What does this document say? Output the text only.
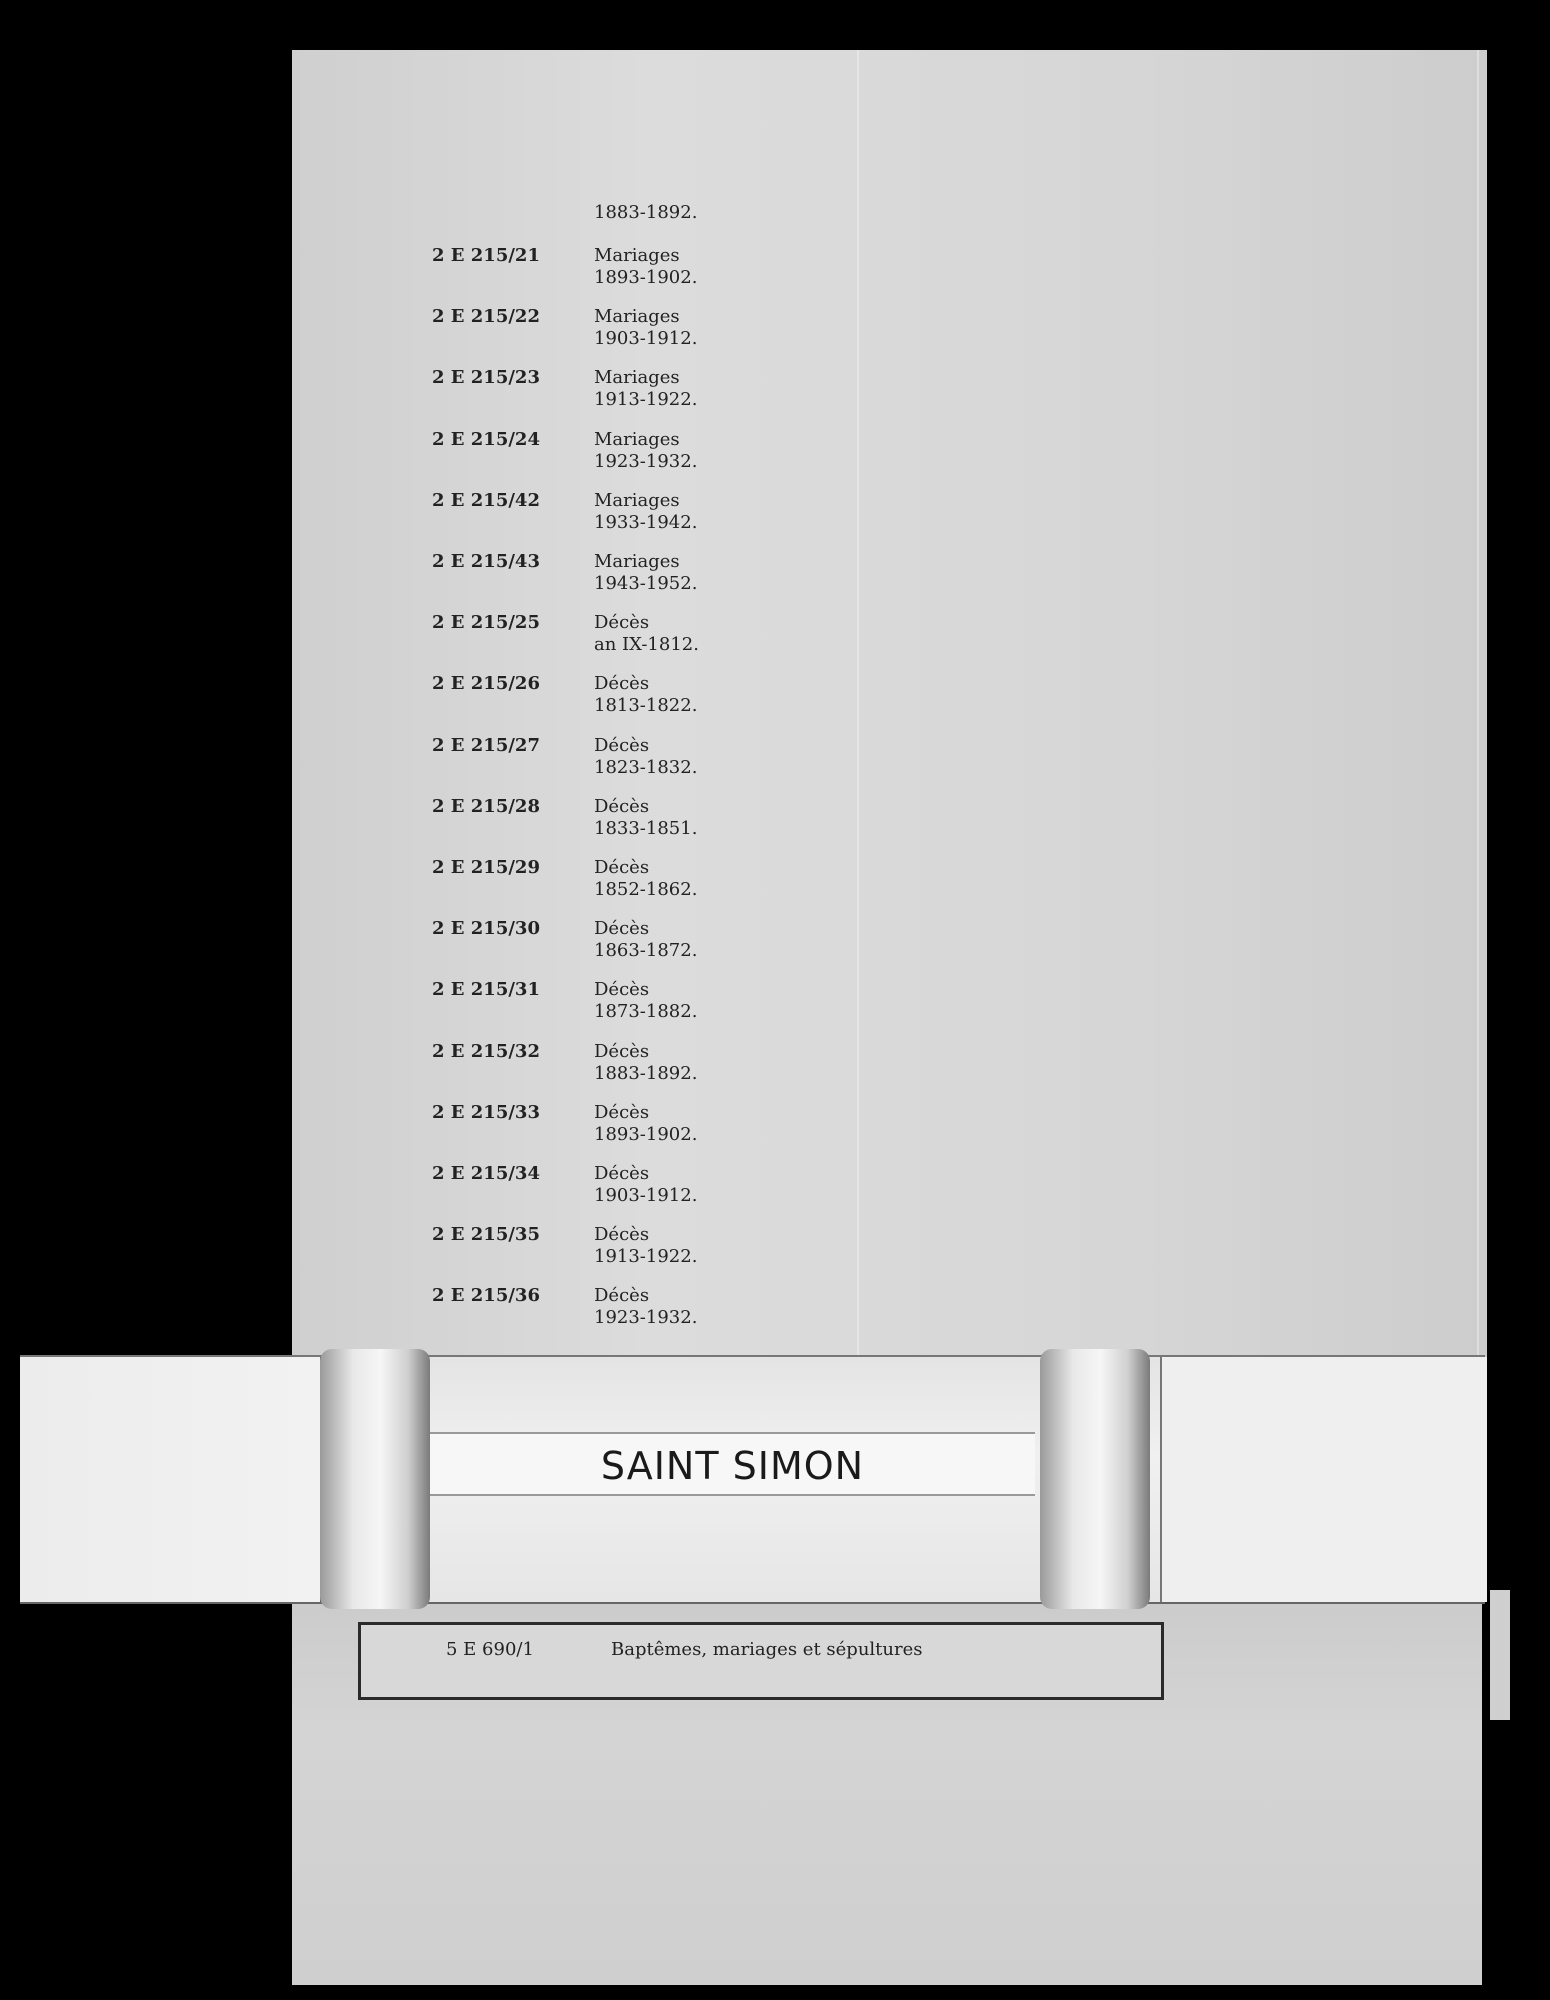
1883-1892.
2 E 215/21	Mariages
1893-1902.
2 E 215/22	Mariages
1903-1912.
2 E 215/23	Mariages
1913-1922.
2 E 215/24	Mariages
1923-1932.
2 E 215/42	Mariages
1933-1942.
2 E 215/43	Mariages
1943-1952.
2 E 215/25	Décès
an IX-1812.
2 E 215/26	Décès
1813-1822.
2 E 215/27	Décès
1823-1832.
2 E 215/28	Décès
1833-1851.
2 E 215/29	Décès
1852-1862.
2 E 215/30	Décès
1863-1872.
2 E 215/31	Décès
1873-1882.
2 E 215/32	Décès
1883-1892.
2 E 215/33	Décès
1893-1902.
2 E 215/34	Décès
1903-1912.
2 E 215/35	Décès
1913-1922.
2 E 215/36	Décès
1923-1932.
SAINT SIMON
5 E 690/1	Baptêmes, mariages et sépultures
